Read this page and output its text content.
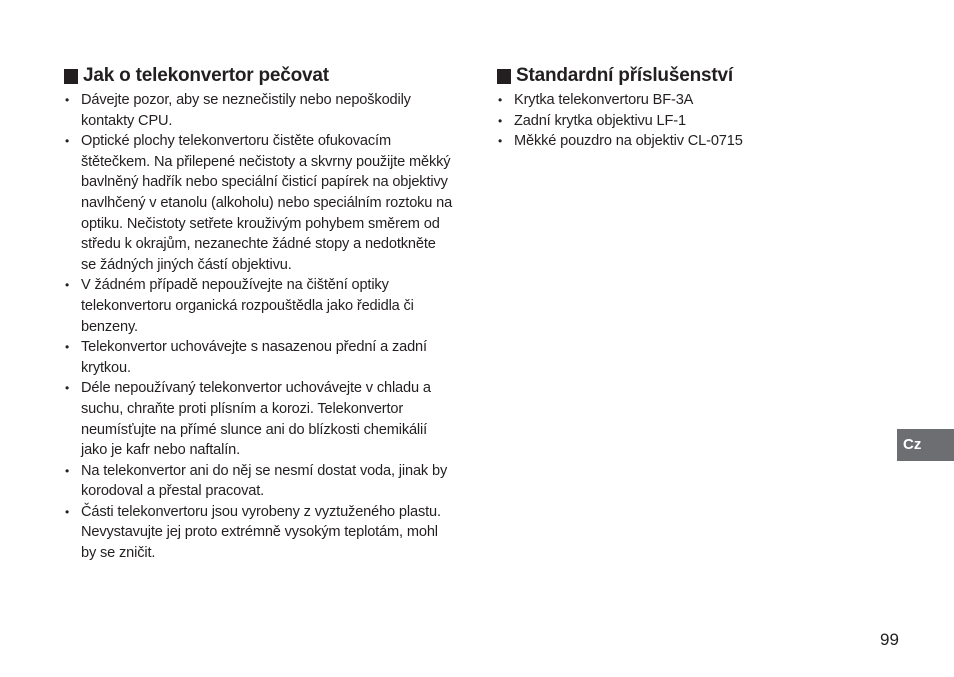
Jak o telekonvertor pečovat
• Dávejte pozor, aby se neznečistily nebo nepoškodily kontakty CPU.
• Optické plochy telekonvertoru čistěte ofukovacím štětečkem. Na přilepené nečistoty a skvrny použijte měkký bavlněný hadřík nebo speciální čisticí papírek na objektivy navlhčený v etanolu (alkoholu) nebo speciálním roztoku na optiku. Nečistoty setřete krouživým pohybem směrem od středu k okrajům, nezanechte žádné stopy a nedotkněte se žádných jiných částí objektivu.
• V žádném případě nepoužívejte na čištění optiky telekonvertoru organická rozpouštědla jako ředidla či benzeny.
• Telekonvertor uchovávejte s nasazenou přední a zadní krytkou.
• Déle nepoužívaný telekonvertor uchovávejte v chladu a suchu, chraňte proti plísním a korozi. Telekonvertor neumísťujte na přímé slunce ani do blízkosti chemikálií jako je kafr nebo naftalín.
• Na telekonvertor ani do něj se nesmí dostat voda, jinak by korodoval a přestal pracovat.
• Části telekonvertoru jsou vyrobeny z vyztuženého plastu. Nevystavujte jej proto extrémně vysokým teplotám, mohl by se zničit.
Standardní příslušenství
• Krytka telekonvertoru BF-3A
• Zadní krytka objektivu LF-1
• Měkké pouzdro na objektiv CL-0715
Cz
99
